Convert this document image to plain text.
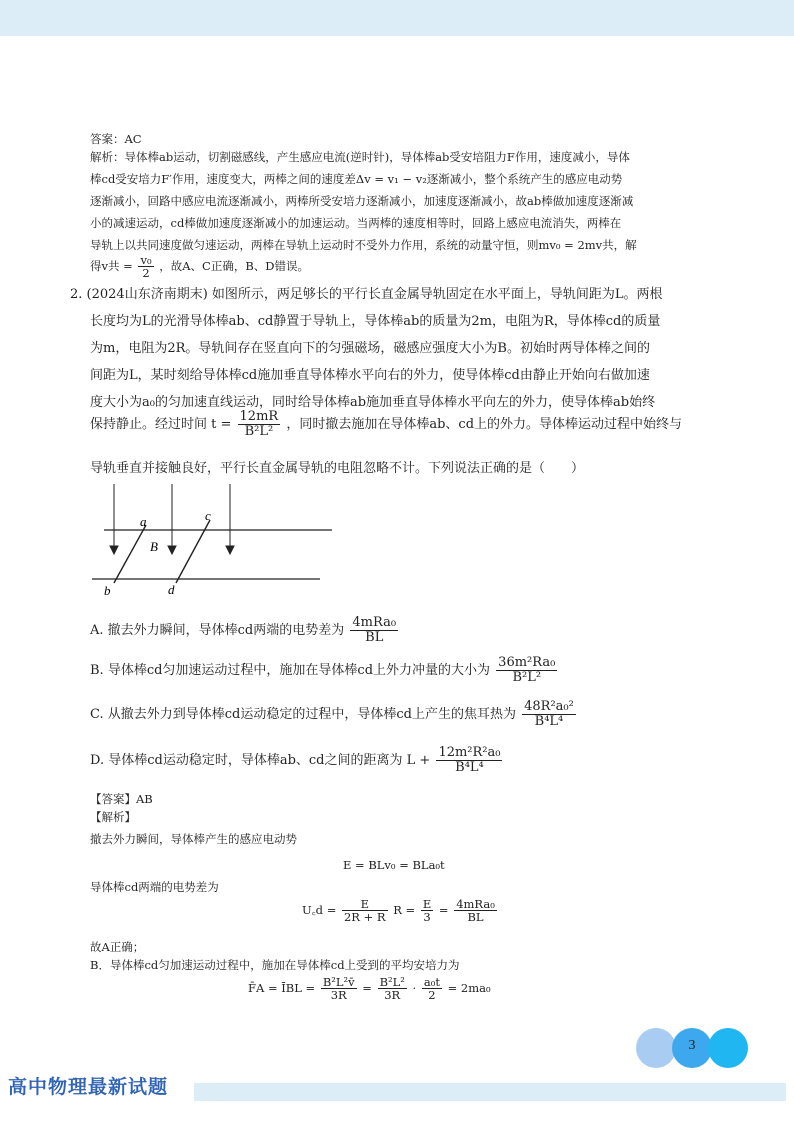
答案：AC
解析：导体棒ab运动，切割磁感线，产生感应电流(逆时针)，导体棒ab受安培阻力F作用，速度减小，导体
棒cd受安培力F′作用，速度变大，两棒之间的速度差Δv = v₁ − v₂逐渐减小，整个系统产生的感应电动势
逐渐减小，回路中感应电流逐渐减小，两棒所受安培力逐渐减小，加速度逐渐减小，故ab棒做加速度逐渐减
小的减速运动，cd棒做加速度逐渐减小的加速运动。当两棒的速度相等时，回路上感应电流消失，两棒在
导轨上以共同速度做匀速运动，两棒在导轨上运动时不受外力作用，系统的动量守恒，则mv₀ = 2mv共，解
得v共 = $\frac{\text{v₀}}{2}$ ，故A、C正确，B、D错误。
2. (2024山东济南期末) 如图所示，两足够长的平行长直金属导轨固定在水平面上，导轨间距为L。两根
长度均为L的光滑导体棒ab、cd静置于导轨上，导体棒ab的质量为2m，电阻为R，导体棒cd的质量
为m，电阻为2R。导轨间存在竖直向下的匀强磁场，磁感应强度大小为B。初始时两导体棒之间的
间距为L，某时刻给导体棒cd施加垂直导体棒水平向右的外力，使导体棒cd由静止开始向右做加速
度大小为a₀的匀加速直线运动，同时给导体棒ab施加垂直导体棒水平向左的外力，使导体棒ab始终
保持静止。经过时间 $t = \frac{12mR}{\text{B²L²}}$ ，同时撤去施加在导体棒ab、cd上的外力。导体棒运动过程中始终与
导轨垂直并接触良好，平行长直金属导轨的电阻忽略不计。下列说法正确的是（　　）
a
b
c
d
B
A. 撤去外力瞬间，导体棒cd两端的电势差为 $\frac{\text{4mRa₀}}{BL}$
B. 导体棒cd匀加速运动过程中，施加在导体棒cd上外力冲量的大小为 $\frac{\text{36m²Ra₀}}{\text{B²L²}}$
C. 从撤去外力到导体棒cd运动稳定的过程中，导体棒cd上产生的焦耳热为 $\frac{\text{48R²a₀²}}{\text{B⁴L⁴}}$
D. 导体棒cd运动稳定时，导体棒ab、cd之间的距离为 $L + \frac{\text{12m²R²a₀}}{\text{B⁴L⁴}}$
【答案】AB
【解析】
撤去外力瞬间，导体棒产生的感应电动势
E = BLv₀ = BLa₀t
导体棒cd两端的电势差为
U꜀d = $\frac{E}{2R + R}$ $R = \frac{E}{3} = \frac{\text{4mRa₀}}{BL}$
故A正确；
B．导体棒cd匀加速运动过程中，施加在导体棒cd上受到的平均安培力为
F̄A = ĪBL = $\frac{\text{B²L²v̄}}{3R} = \frac{\text{B²L²}}{3R} \cdot \frac{\text{a₀t}}{2} = 2ma_0$
3
高中物理最新试题
